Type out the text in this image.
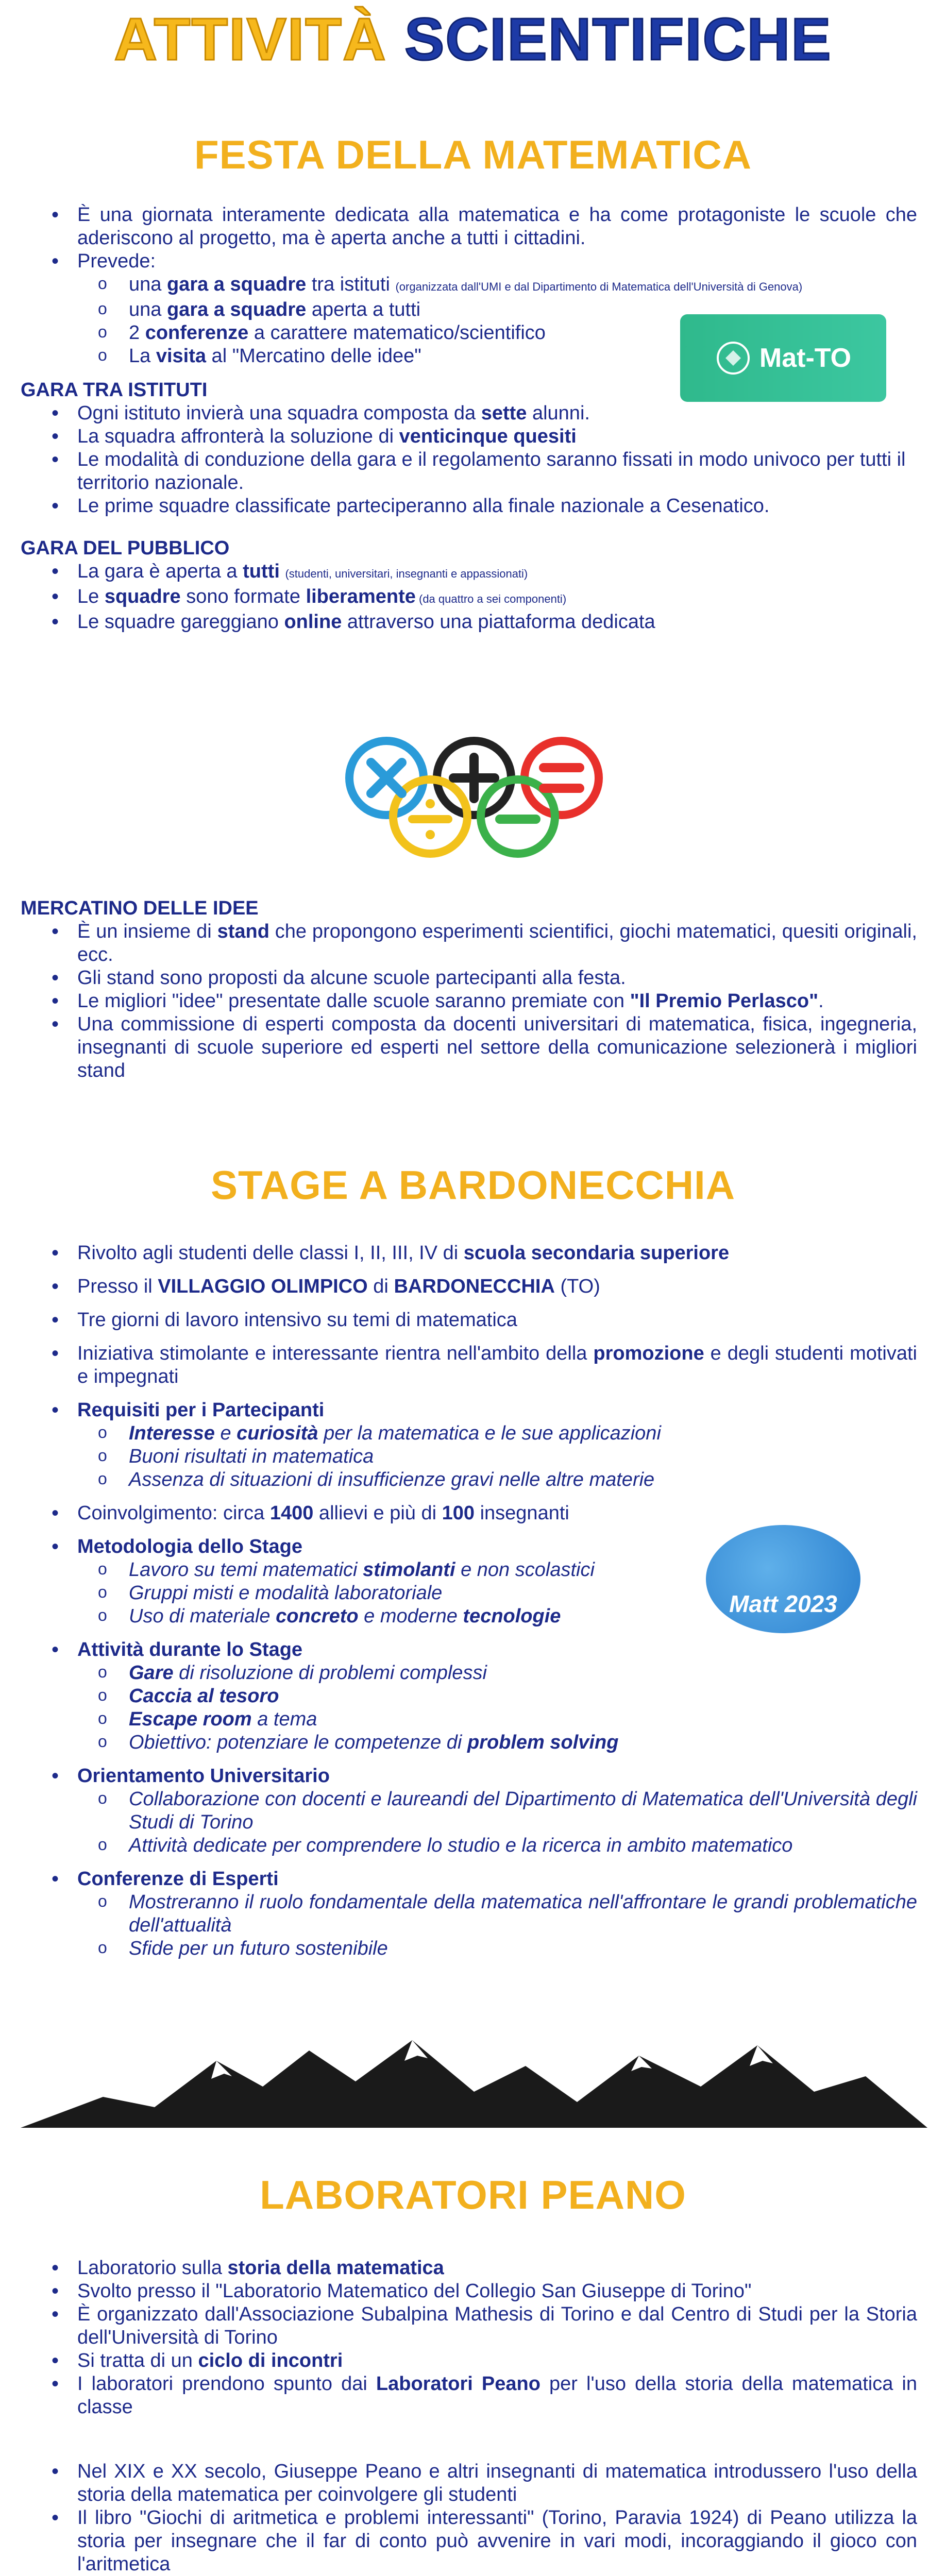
ATTIVITÀ SCIENTIFICHE
FESTA DELLA MATEMATICA
• È una giornata interamente dedicata alla matematica e ha come protagoniste le scuole che aderiscono al progetto, ma è aperta anche a tutti i cittadini.
• Prevede:
o una gara a squadre tra istituti (organizzata dall'UMI e dal Dipartimento di Matematica dell'Università di Genova)
o una gara a squadre aperta a tutti
o 2 conferenze a carattere matematico/scientifico
o La visita al "Mercatino delle idee"
GARA TRA ISTITUTI
• Ogni istituto invierà una squadra composta da sette alunni.
• La squadra affronterà la soluzione di venticinque quesiti
• Le modalità di conduzione della gara e il regolamento saranno fissati in modo univoco per tutti il territorio nazionale.
• Le prime squadre classificate parteciperanno alla finale nazionale a Cesenatico.
GARA DEL PUBBLICO
• La gara è aperta a tutti (studenti, universitari, insegnanti e appassionati)
• Le squadre sono formate liberamente (da quattro a sei componenti)
• Le squadre gareggiano online attraverso una piattaforma dedicata
Mat-TO
MERCATINO DELLE IDEE
• È un insieme di stand che propongono esperimenti scientifici, giochi matematici, quesiti originali, ecc.
• Gli stand sono proposti da alcune scuole partecipanti alla festa.
• Le migliori "idee" presentate dalle scuole saranno premiate con "Il Premio Perlasco".
• Una commissione di esperti composta da docenti universitari di matematica, fisica, ingegneria, insegnanti di scuole superiore ed esperti nel settore della comunicazione selezionerà i migliori stand
STAGE A BARDONECCHIA
• Rivolto agli studenti delle classi I, II, III, IV di scuola secondaria superiore
• Presso il VILLAGGIO OLIMPICO di BARDONECCHIA (TO)
• Tre giorni di lavoro intensivo su temi di matematica
• Iniziativa stimolante e interessante rientra nell'ambito della promozione e degli studenti motivati e impegnati
• Requisiti per i Partecipanti
o Interesse e curiosità per la matematica e le sue applicazioni
o Buoni risultati in matematica
o Assenza di situazioni di insufficienze gravi nelle altre materie
• Coinvolgimento: circa 1400 allievi e più di 100 insegnanti
• Metodologia dello Stage
o Lavoro su temi matematici stimolanti e non scolastici
o Gruppi misti e modalità laboratoriale
o Uso di materiale concreto e moderne tecnologie
• Attività durante lo Stage
o Gare di risoluzione di problemi complessi
o Caccia al tesoro
o Escape room a tema
o Obiettivo: potenziare le competenze di problem solving
• Orientamento Universitario
o Collaborazione con docenti e laureandi del Dipartimento di Matematica dell'Università degli Studi di Torino
o Attività dedicate per comprendere lo studio e la ricerca in ambito matematico
• Conferenze di Esperti
o Mostreranno il ruolo fondamentale della matematica nell'affrontare le grandi problematiche dell'attualità
o Sfide per un futuro sostenibile
Matt 2023
LABORATORI PEANO
• Laboratorio sulla storia della matematica
• Svolto presso il "Laboratorio Matematico del Collegio San Giuseppe di Torino"
• È organizzato dall'Associazione Subalpina Mathesis di Torino e dal Centro di Studi per la Storia dell'Università di Torino
• Si tratta di un ciclo di incontri
• I laboratori prendono spunto dai Laboratori Peano per l'uso della storia della matematica in classe
• Nel XIX e XX secolo, Giuseppe Peano e altri insegnanti di matematica introdussero l'uso della storia della matematica per coinvolgere gli studenti
• Il libro "Giochi di aritmetica e problemi interessanti" (Torino, Paravia 1924) di Peano utilizza la storia per insegnare che il far di conto può avvenire in vari modi, incoraggiando il gioco con l'aritmetica
